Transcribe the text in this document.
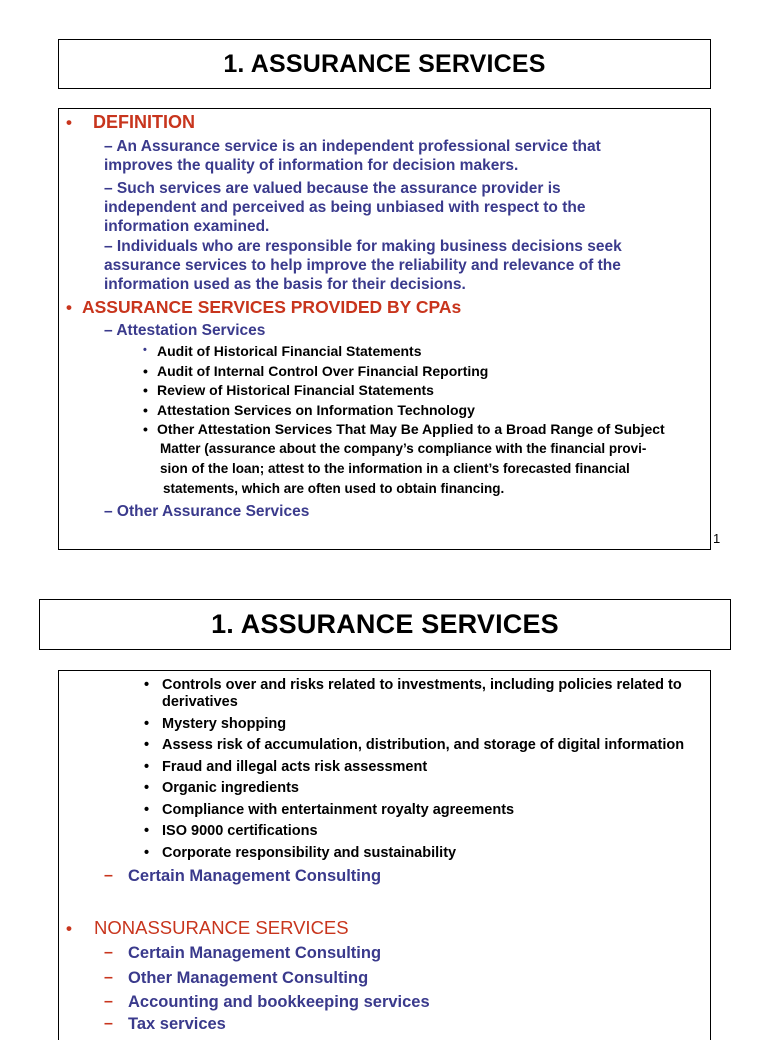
1. ASSURANCE SERVICES
• DEFINITION
– An Assurance service is an independent professional service that
improves the quality of information for decision makers.
– Such services are valued because the assurance provider is
independent and perceived as being unbiased with respect to the
information examined.
– Individuals who are responsible for making business decisions seek
assurance services to help improve the reliability and relevance of the
information used as the basis for their decisions.
• ASSURANCE SERVICES PROVIDED BY CPAs
– Attestation Services
• Audit of Historical Financial Statements
• Audit of Internal Control Over Financial Reporting
• Review of Historical Financial Statements
• Attestation Services on Information Technology
• Other Attestation Services That May Be Applied to a Broad Range of Subject
Matter (assurance about the company’s compliance with the financial provi-
sion of the loan; attest to the information in a client’s forecasted financial
statements, which are often used to obtain financing.
– Other Assurance Services
1
1. ASSURANCE SERVICES
• Controls over and risks related to investments, including policies related to
derivatives
• Mystery shopping
• Assess risk of accumulation, distribution, and storage of digital information
• Fraud and illegal acts risk assessment
• Organic ingredients
• Compliance with entertainment royalty agreements
• ISO 9000 certifications
• Corporate responsibility and sustainability
– Certain Management Consulting
• NONASSURANCE SERVICES
– Certain Management Consulting
– Other Management Consulting
– Accounting and bookkeeping services
– Tax services
